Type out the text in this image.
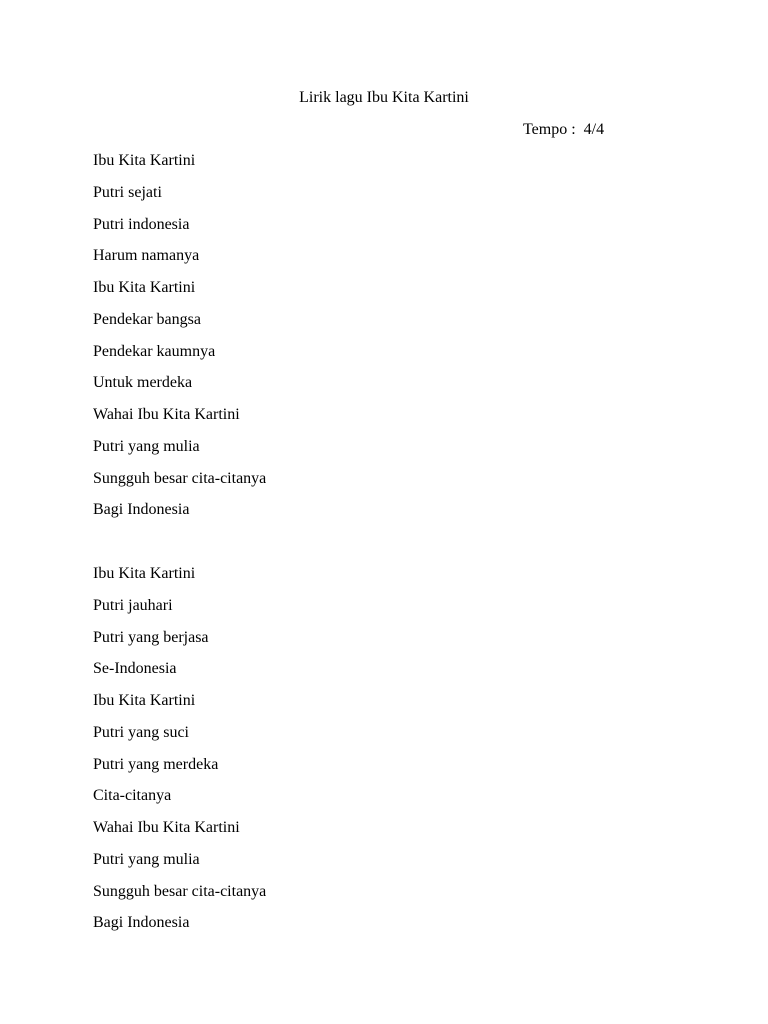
Lirik lagu Ibu Kita Kartini
Tempo :  4/4
Ibu Kita Kartini
Putri sejati
Putri indonesia
Harum namanya
Ibu Kita Kartini
Pendekar bangsa
Pendekar kaumnya
Untuk merdeka
Wahai Ibu Kita Kartini
Putri yang mulia
Sungguh besar cita-citanya
Bagi Indonesia
Ibu Kita Kartini
Putri jauhari
Putri yang berjasa
Se-Indonesia
Ibu Kita Kartini
Putri yang suci
Putri yang merdeka
Cita-citanya
Wahai Ibu Kita Kartini
Putri yang mulia
Sungguh besar cita-citanya
Bagi Indonesia
